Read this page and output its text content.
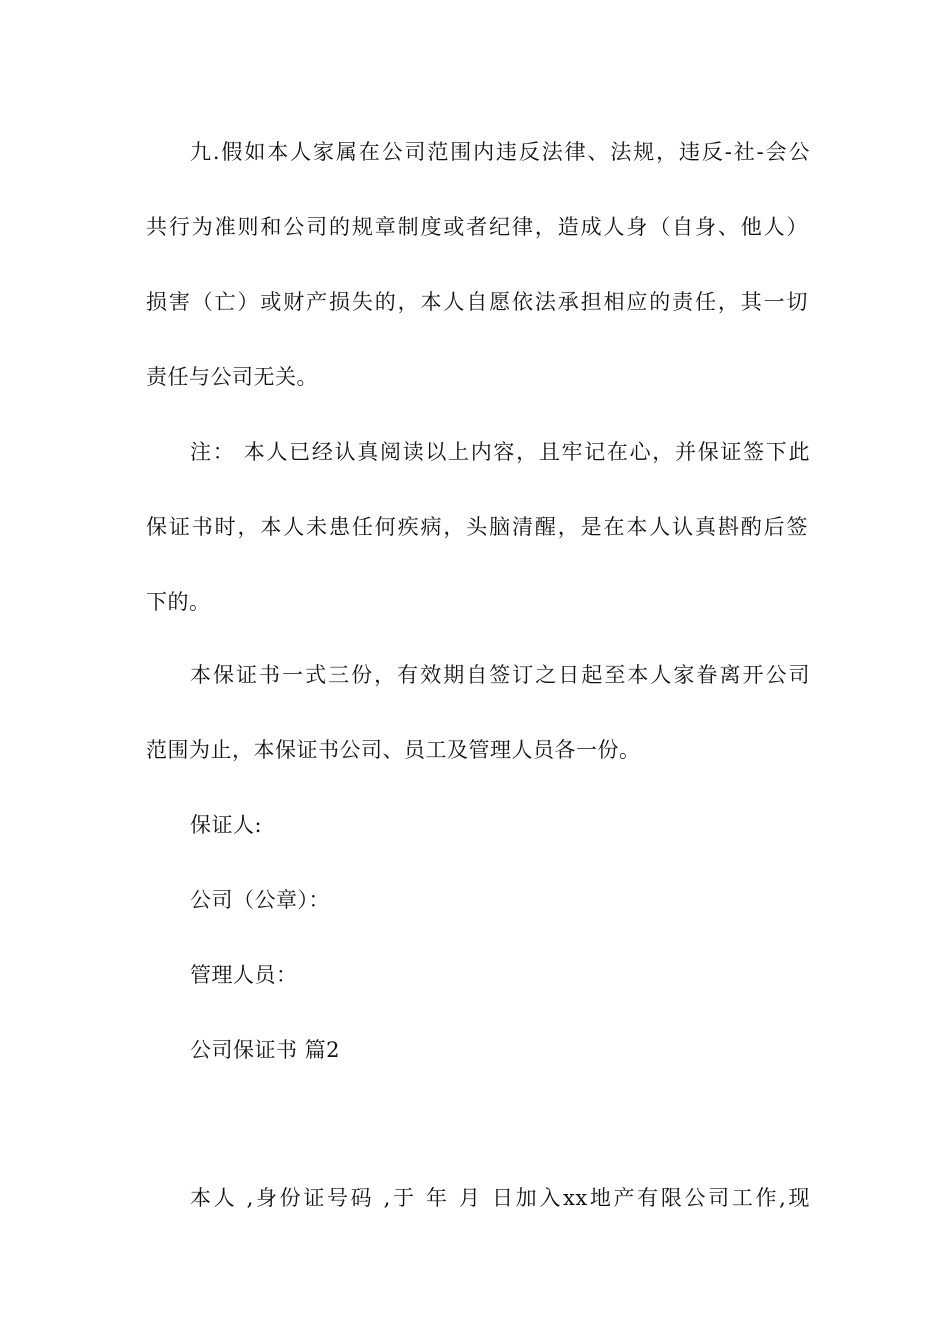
九.假如本人家属在公司范围内违反法律、法规，违反-社-会公
共行为准则和公司的规章制度或者纪律，造成人身（自身、他人）
损害（亡）或财产损失的，本人自愿依法承担相应的责任，其一切
责任与公司无关。
注： 本人已经认真阅读以上内容，且牢记在心，并保证签下此
保证书时，本人未患任何疾病，头脑清醒，是在本人认真斟酌后签
下的。
本保证书一式三份，有效期自签订之日起至本人家眷离开公司
范围为止，本保证书公司、员工及管理人员各一份。
保证人:
公司（公章）：
管理人员：
公司保证书 篇2
本人 ,身份证号码 ,于 年 月 日加入xx地产有限公司工作,现
